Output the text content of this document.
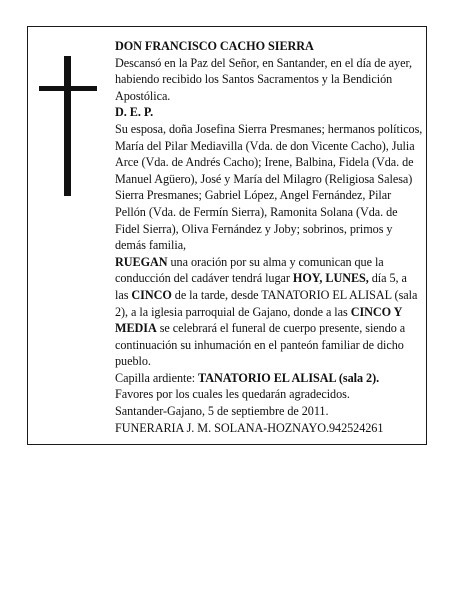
DON FRANCISCO CACHO SIERRA

Descansó en la Paz del Señor, en Santander, en el día de ayer, habiendo recibido los Santos Sacramentos y la Bendición Apostólica.

D. E. P.

Su esposa, doña Josefina Sierra Presmanes; hermanos políticos, María del Pilar Mediavilla (Vda. de don Vicente Cacho), Julia Arce (Vda. de Andrés Cacho); Irene, Balbina, Fidela (Vda. de Manuel Agüero), José y María del Milagro (Religiosa Salesa) Sierra Presmanes; Gabriel López, Angel Fernández, Pilar Pellón (Vda. de Fermín Sierra), Ramonita Solana (Vda. de Fidel Sierra), Oliva Fernández y Joby; sobrinos, primos y demás familia,

RUEGAN una oración por su alma y comunican que la conducción del cadáver tendrá lugar HOY, LUNES, día 5, a las CINCO de la tarde, desde TANATORIO EL ALISAL (sala 2), a la iglesia parroquial de Gajano, donde a las CINCO Y MEDIA se celebrará el funeral de cuerpo presente, siendo a continuación su inhumación en el panteón familiar de dicho pueblo.

Capilla ardiente: TANATORIO EL ALISAL (sala 2).

Favores por los cuales les quedarán agradecidos.

Santander-Gajano, 5 de septiembre de 2011.

FUNERARIA J. M. SOLANA-HOZNAYO.942524261
